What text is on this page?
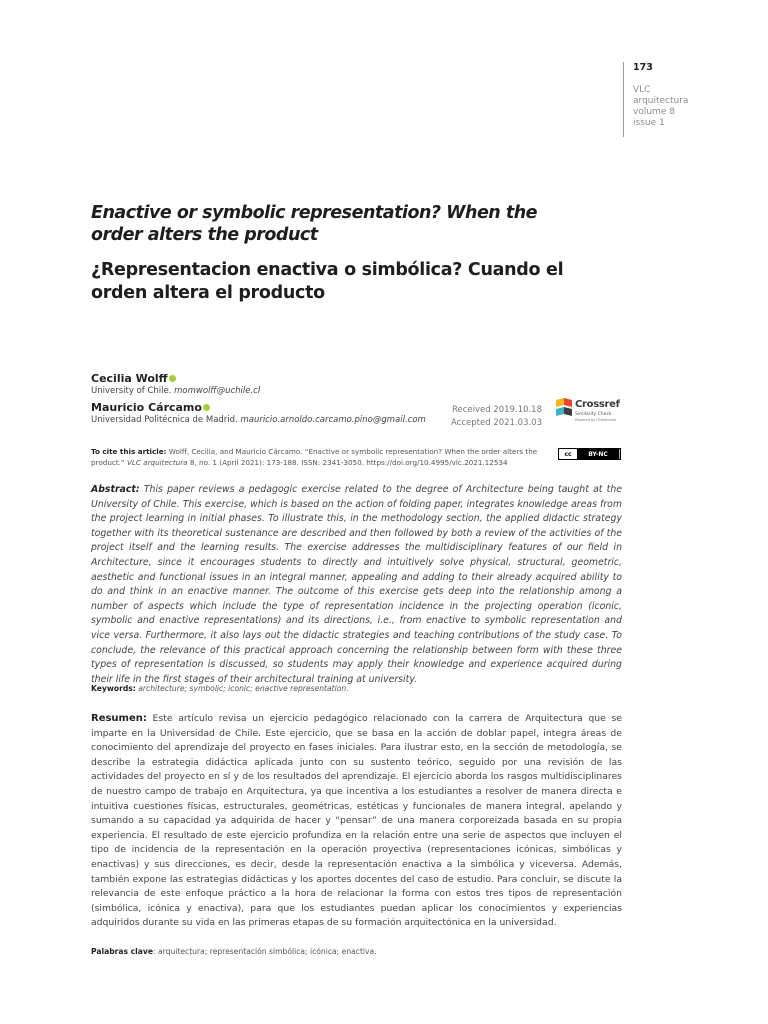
173
VLC
arquitectura
volume 8
issue 1
Enactive or symbolic representation? When the order alters the product
¿Representacion enactiva o simbólica? Cuando el orden altera el producto
Cecilia Wolff
University of Chile. momwolff@uchile.cl
Mauricio Cárcamo
Universidad Politécnica de Madrid. mauricio.arnoldo.carcamo.pino@gmail.com
Received 2019.10.18
Accepted 2021.03.03
Crossref
Similarity Check
Powered by iThenticate
To cite this article: Wolff, Cecilia, and Mauricio Cárcamo. “Enactive or symbolic representation? When the order alters the product.” VLC arquitectura 8, no. 1 (April 2021): 173-188. ISSN: 2341-3050. https://doi.org/10.4995/vlc.2021.12534
cc	BY-NC
Abstract: This paper reviews a pedagogic exercise related to the degree of Architecture being taught at the University of Chile. This exercise, which is based on the action of folding paper, integrates knowledge areas from the project learning in initial phases. To illustrate this, in the methodology section, the applied didactic strategy together with its theoretical sustenance are described and then followed by both a review of the activities of the project itself and the learning results. The exercise addresses the multidisciplinary features of our field in Architecture, since it encourages students to directly and intuitively solve physical, structural, geometric, aesthetic and functional issues in an integral manner, appealing and adding to their already acquired ability to do and think in an enactive manner. The outcome of this exercise gets deep into the relationship among a number of aspects which include the type of representation incidence in the projecting operation (iconic, symbolic and enactive representations) and its directions, i.e., from enactive to symbolic representation and vice versa. Furthermore, it also lays out the didactic strategies and teaching contributions of the study case. To conclude, the relevance of this practical approach concerning the relationship between form with these three types of representation is discussed, so students may apply their knowledge and experience acquired during their life in the first stages of their architectural training at university.
Keywords: architecture; symbolic; iconic; enactive representation.
Resumen: Este artículo revisa un ejercicio pedagógico relacionado con la carrera de Arquitectura que se imparte en la Universidad de Chile. Este ejercicio, que se basa en la acción de doblar papel, integra áreas de conocimiento del aprendizaje del proyecto en fases iniciales. Para ilustrar esto, en la sección de metodología, se describe la estrategia didáctica aplicada junto con su sustento teórico, seguido por una revisión de las actividades del proyecto en sí y de los resultados del aprendizaje. El ejercicio aborda los rasgos multidisciplinares de nuestro campo de trabajo en Arquitectura, ya que incentiva a los estudiantes a resolver de manera directa e intuitiva cuestiones físicas, estructurales, geométricas, estéticas y funcionales de manera integral, apelando y sumando a su capacidad ya adquirida de hacer y “pensar” de una manera corporeizada basada en su propia experiencia. El resultado de este ejercicio profundiza en la relación entre una serie de aspectos que incluyen el tipo de incidencia de la representación en la operación proyectiva (representaciones icónicas, simbólicas y enactivas) y sus direcciones, es decir, desde la representación enactiva a la simbólica y viceversa. Además, también expone las estrategias didácticas y los aportes docentes del caso de estudio. Para concluir, se discute la relevancia de este enfoque práctico a la hora de relacionar la forma con estos tres tipos de representación (simbólica, icónica y enactiva), para que los estudiantes puedan aplicar los conocimientos y experiencias adquiridos durante su vida en las primeras etapas de su formación arquitectónica en la universidad.
Palabras clave: arquitectura; representación simbólica; icónica; enactiva.
